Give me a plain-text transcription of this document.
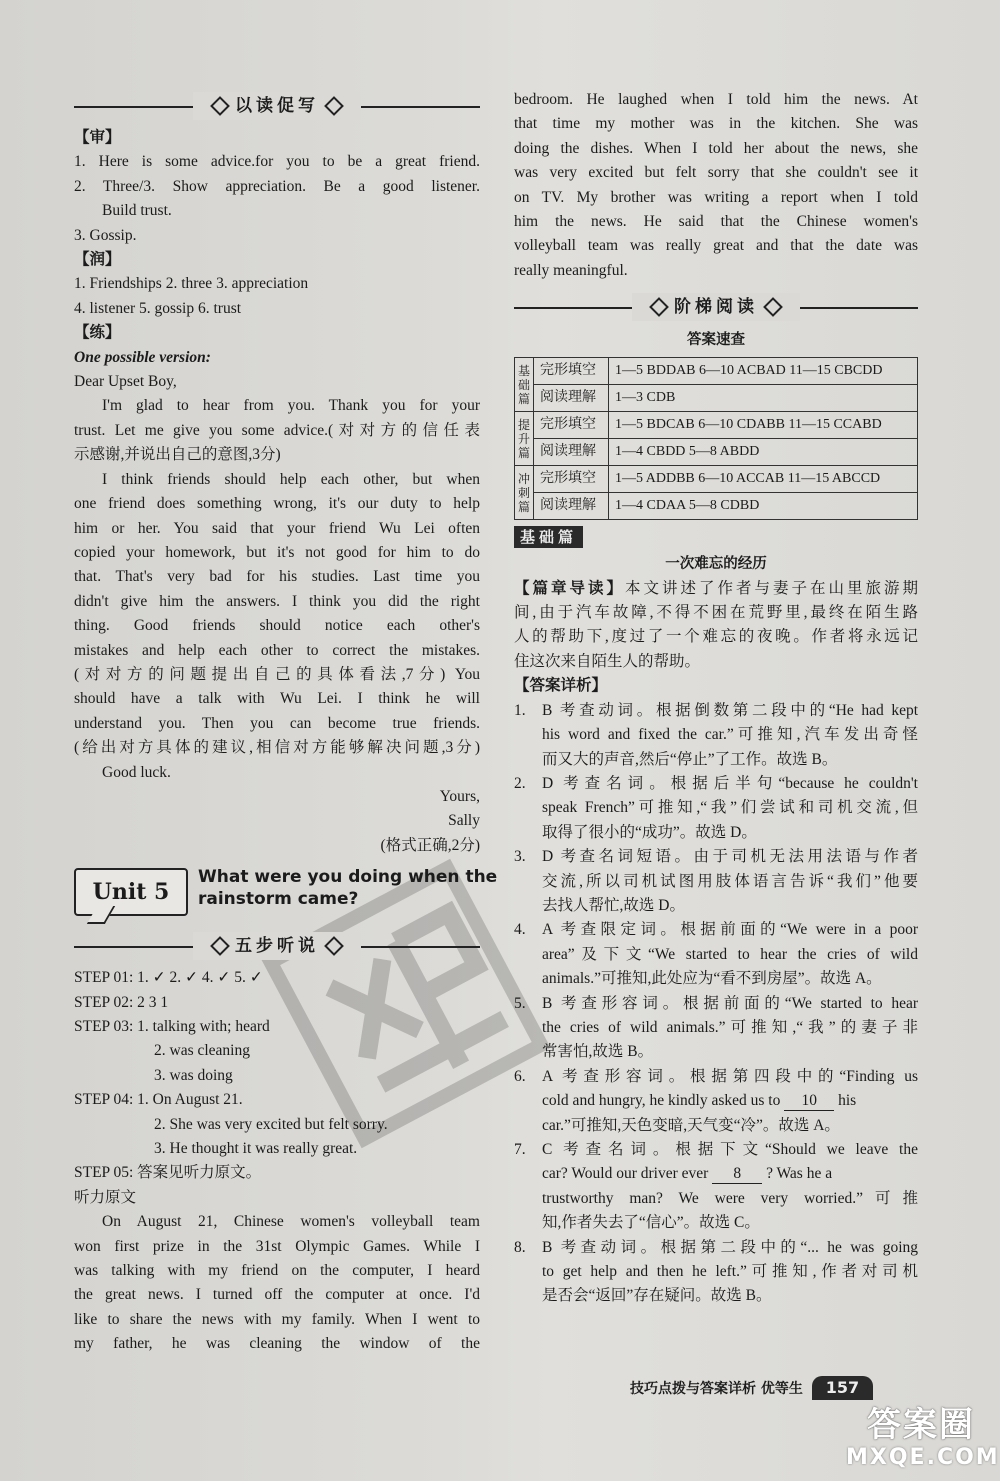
以读促写
【审】
1. Here is some advice.for you to be a great friend.
2. Three/3. Show appreciation. Be a good listener.
Build trust.
3. Gossip.
【润】
1. Friendships 2. three 3. appreciation
4. listener 5. gossip 6. trust
【练】
One possible version:
Dear Upset Boy,
I'm glad to hear from you. Thank you for your
trust. Let me give you some advice.(对对方的信任表
示感谢,并说出自己的意图,3分)
I think friends should help each other, but when
one friend does something wrong, it's our duty to help
him or her. You said that your friend Wu Lei often
copied your homework, but it's not good for him to do
that. That's very bad for his studies. Last time you
didn't give him the answers. I think you did the right
thing. Good friends should notice each other's
mistakes and help each other to correct the mistakes.
(对对方的问题提出自己的具体看法,7分) You
should have a talk with Wu Lei. I think he will
understand you. Then you can become true friends.
(给出对方具体的建议,相信对方能够解决问题,3分)
Good luck.
Yours,
Sally
(格式正确,2分)
Unit 5
What were you doing when the rainstorm came?
五步听说
STEP 01: 1. ✓ 2. ✓ 4. ✓ 5. ✓
STEP 02: 2 3 1
STEP 03: 1. talking with; heard
2. was cleaning
3. was doing
STEP 04: 1. On August 21.
2. She was very excited but felt sorry.
3. He thought it was really great.
STEP 05: 答案见听力原文。
听力原文
On August 21, Chinese women's volleyball team
won first prize in the 31st Olympic Games. While I
was talking with my friend on the computer, I heard
the great news. I turned off the computer at once. I'd
like to share the news with my family. When I went to
my father, he was cleaning the window of the
bedroom. He laughed when I told him the news. At
that time my mother was in the kitchen. She was
doing the dishes. When I told her about the news, she
was very excited but felt sorry that she couldn't see it
on TV. My brother was writing a report when I told
him the news. He said that the Chinese women's
volleyball team was really great and that the date was
really meaningful.
阶梯阅读
答案速查
基础篇	完形填空	1—5 BDDAB 6—10 ACBAD 11—15 CBCDD
	阅读理解	1—3 CDB
提升篇	完形填空	1—5 BDCAB 6—10 CDABB 11—15 CCABD
	阅读理解	1—4 CBDD 5—8 ABDD
冲刺篇	完形填空	1—5 ADDBB 6—10 ACCAB 11—15 ABCCD
	阅读理解	1—4 CDAA 5—8 CDBD
基础篇
一次难忘的经历
【篇章导读】本文讲述了作者与妻子在山里旅游期
间,由于汽车故障,不得不困在荒野里,最终在陌生路
人的帮助下,度过了一个难忘的夜晚。作者将永远记
住这次来自陌生人的帮助。
【答案详析】
1. B 考查动词。根据倒数第二段中的“He had kept
his word and fixed the car.”可推知,汽车发出奇怪
而又大的声音,然后“停止”了工作。故选 B。
2. D 考查名词。根据后半句“because he couldn't
speak French”可推知,“我”们尝试和司机交流,但
取得了很小的“成功”。故选 D。
3. D 考查名词短语。由于司机无法用法语与作者
交流,所以司机试图用肢体语言告诉“我们”他要
去找人帮忙,故选 D。
4. A 考查限定词。根据前面的“We were in a poor
area”及下文“We started to hear the cries of wild
animals.”可推知,此处应为“看不到房屋”。故选 A。
5. B 考查形容词。根据前面的“We started to hear
the cries of wild animals.”可推知,“我”的妻子非
常害怕,故选 B。
6. A 考查形容词。根据第四段中的“Finding us
cold and hungry, he kindly asked us to 10 his
car.”可推知,天色变暗,天气变“冷”。故选 A。
7. C 考查名词。根据下文“Should we leave the
car? Would our driver ever 8 ? Was he a
trustworthy man? We were very worried.”可推
知,作者失去了“信心”。故选 C。
8. B 考查动词。根据第二段中的“... he was going
to get help and then he left.”可推知,作者对司机
是否会“返回”存在疑问。故选 B。
技巧点拨与答案详析 优等生 157
答案圈
MXQE.COM
